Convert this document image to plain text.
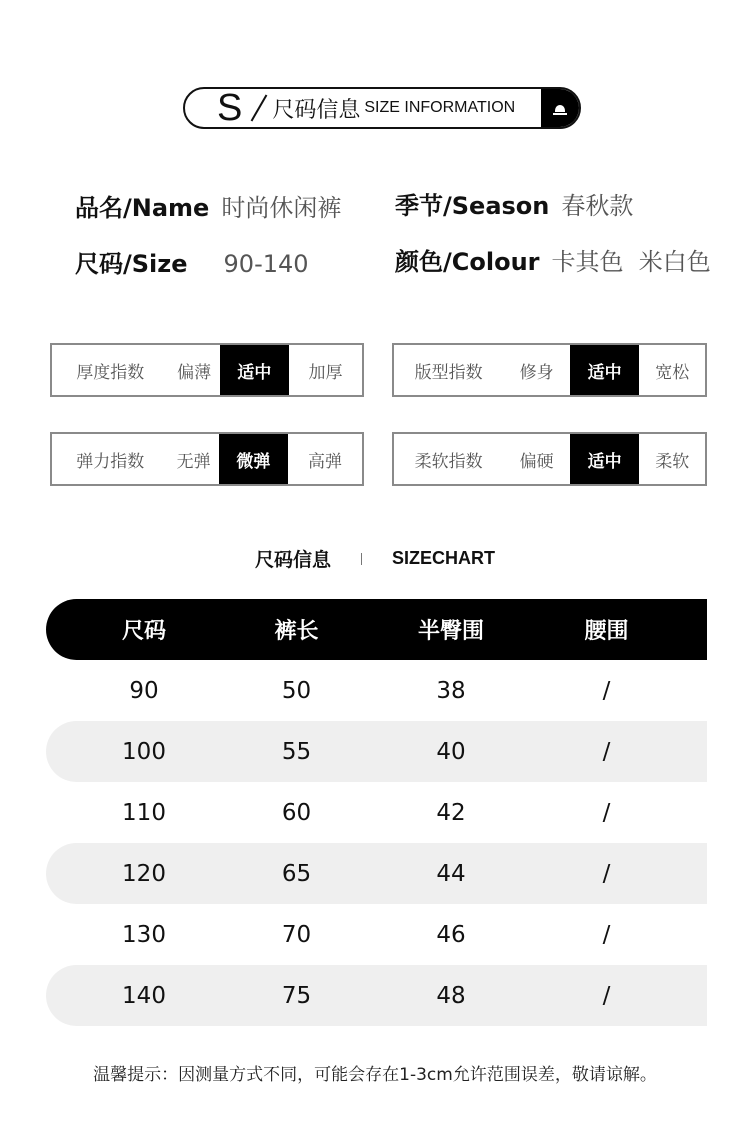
S 尺码信息 SIZE INFORMATION
品名/Name 时尚休闲裤 季节/Season 春秋款
尺码/Size 90-140	颜色/Colour 卡其色  米白色
厚度指数	偏薄	适中	加厚	版型指数	修身	适中	宽松
弹力指数	无弹	微弹	高弹	柔软指数	偏硬	适中	柔软
尺码信息	SIZECHART
尺码	裤长	半臀围	腰围
90	50	38	/
100	55	40	/
110	60	42	/
120	65	44	/
130	70	46	/
140	75	48	/
温馨提示：因测量方式不同，可能会存在1-3cm允许范围误差，敬请谅解。
